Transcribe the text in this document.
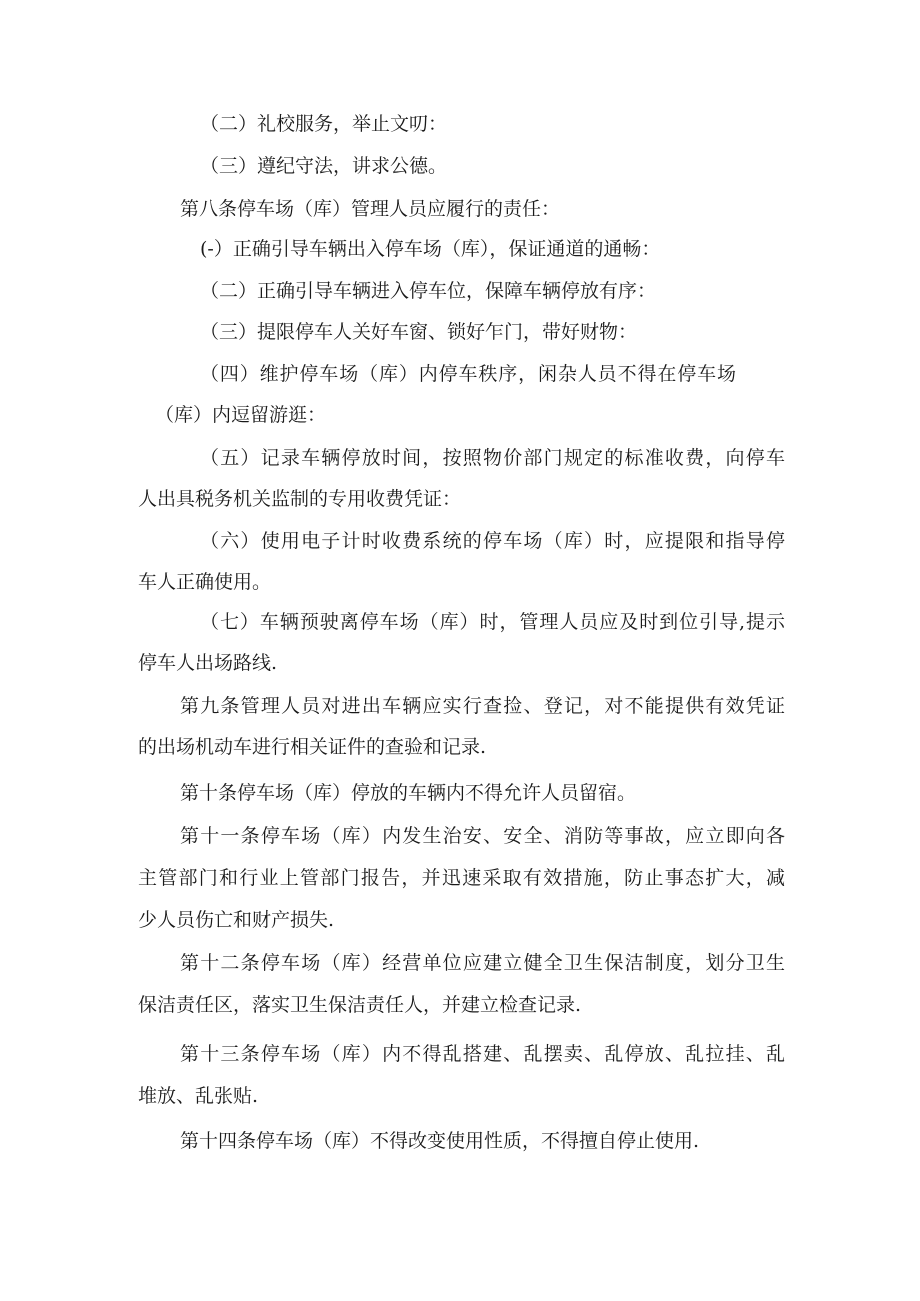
（二）礼校服务，举止文叨：
（三）遵纪守法，讲求公德。
第八条停车场（库）管理人员应履行的责任：
(-）正确引导车辆出入停车场（库），保证通道的通畅：
（二）正确引导车辆进入停车位，保障车辆停放有序：
（三）提限停车人关好车窗、锁好乍门，带好财物：
（四）维护停车场（库）内停车秩序，闲杂人员不得在停车场
（库）内逗留游逛：
（五）记录车辆停放时间，按照物价部门规定的标准收费，向停车
人出具税务机关监制的专用收费凭证：
（六）使用电子计时收费系统的停车场（库）时，应提限和指导停
车人正确使用。
（七）车辆预驶离停车场（库）时，管理人员应及时到位引导,提示
停车人出场路线.
第九条管理人员对进出车辆应实行查捡、登记，对不能提供有效凭证
的出场机动车进行相关证件的查验和记录.
第十条停车场（库）停放的车辆内不得允许人员留宿。
第十一条停车场（库）内发生治安、安全、消防等事故，应立即向各
主管部门和行业上管部门报告，并迅速采取有效措施，防止事态扩大，减
少人员伤亡和财产损失.
第十二条停车场（库）经营单位应建立健全卫生保洁制度，划分卫生
保洁责任区，落实卫生保洁责任人，并建立检查记录.
第十三条停车场（库）内不得乱搭建、乱摆卖、乱停放、乱拉挂、乱
堆放、乱张贴.
第十四条停车场（库）不得改变使用性质，不得擅自停止使用.
